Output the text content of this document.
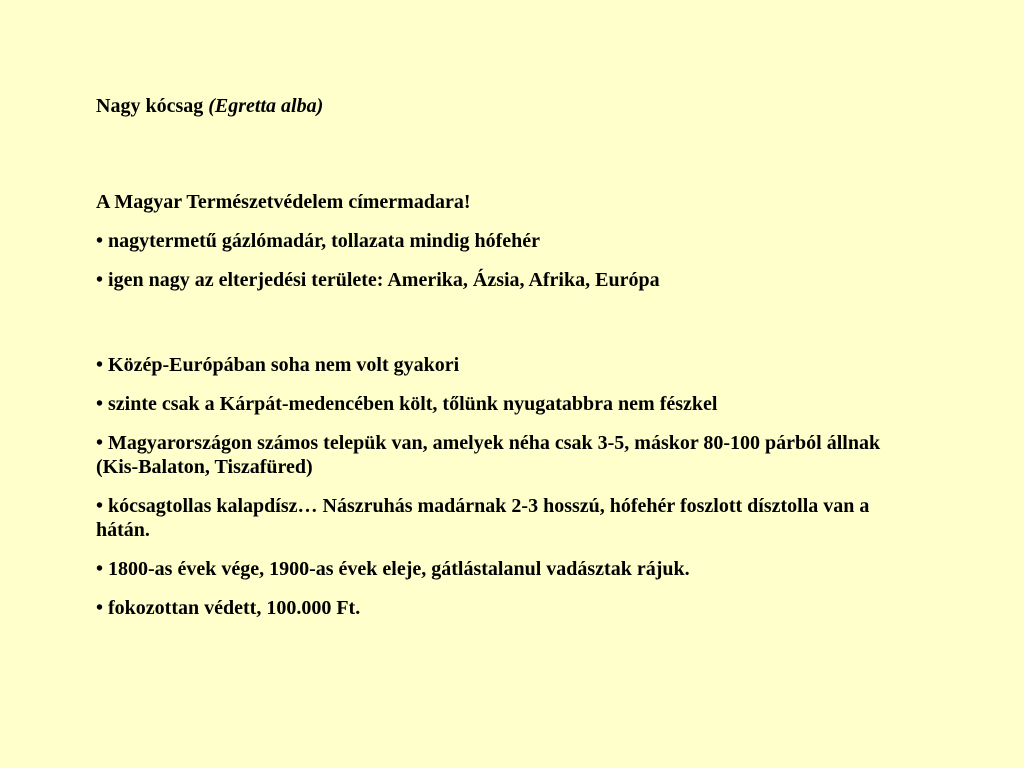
Nagy kócsag (Egretta alba)

A Magyar Természetvédelem címermadara!

• nagytermetű gázlómadár, tollazata mindig hófehér

• igen nagy az elterjedési területe: Amerika, Ázsia, Afrika, Európa

• Közép-Európában soha nem volt gyakori

• szinte csak a Kárpát-medencében költ, tőlünk nyugatabbra nem fészkel

• Magyarországon számos telepük van, amelyek néha csak 3-5, máskor 80-100 párból állnak (Kis-Balaton, Tiszafüred)

• kócsagtollas kalapdísz… Nászruhás madárnak 2-3 hosszú, hófehér foszlott dísztolla van a hátán.

• 1800-as évek vége, 1900-as évek eleje, gátlástalanul vadásztak rájuk.

• fokozottan védett, 100.000 Ft.
